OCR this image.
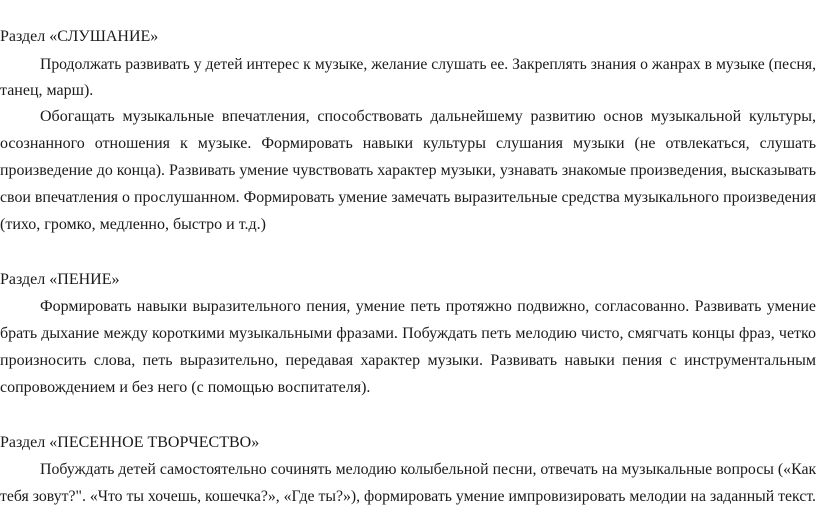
Раздел «СЛУШАНИЕ»
Продолжать развивать у детей интерес к музыке, желание слушать ее. Закреплять знания о жанрах в музыке (песня,
танец, марш).
Обогащать музыкальные впечатления, способствовать дальнейшему развитию основ музыкальной культуры,
осознанного отношения к музыке. Формировать навыки культуры слушания музыки (не отвлекаться, слушать
произведение до конца). Развивать умение чувствовать характер музыки, узнавать знакомые произведения, высказывать
свои впечатления о прослушанном. Формировать умение замечать выразительные средства музыкального произведения
(тихо, громко, медленно, быстро и т.д.)
Раздел «ПЕНИЕ»
Формировать навыки выразительного пения, умение петь протяжно подвижно, согласованно. Развивать умение
брать дыхание между короткими музыкальными фразами. Побуждать петь мелодию чисто, смягчать концы фраз, четко
произносить слова, петь выразительно, передавая характер музыки. Развивать навыки пения с инструментальным
сопровождением и без него (с помощью воспитателя).
Раздел «ПЕСЕННОЕ ТВОРЧЕСТВО»
Побуждать детей самостоятельно сочинять мелодию колыбельной песни, отвечать на музыкальные вопросы («Как
тебя зовут?". «Что ты хочешь, кошечка?», «Где ты?»), формировать умение импровизировать мелодии на заданный текст.
